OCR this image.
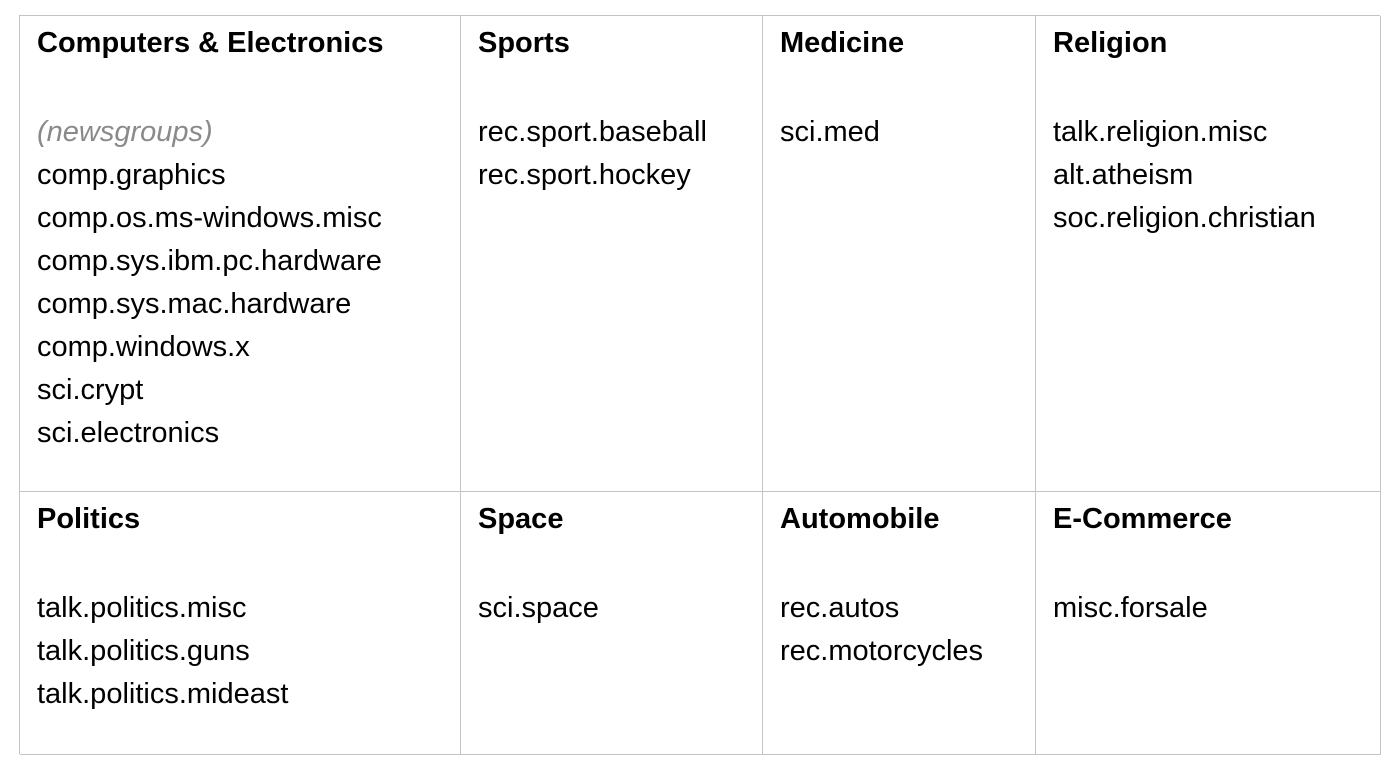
Computers & Electronics
(newsgroups)
comp.graphics
comp.os.ms-windows.misc
comp.sys.ibm.pc.hardware
comp.sys.mac.hardware
comp.windows.x
sci.crypt
sci.electronics
Sports
rec.sport.baseball
rec.sport.hockey
Medicine
sci.med
Religion
talk.religion.misc
alt.atheism
soc.religion.christian
Politics
talk.politics.misc
talk.politics.guns
talk.politics.mideast
Space
sci.space
Automobile
rec.autos
rec.motorcycles
E-Commerce
misc.forsale
